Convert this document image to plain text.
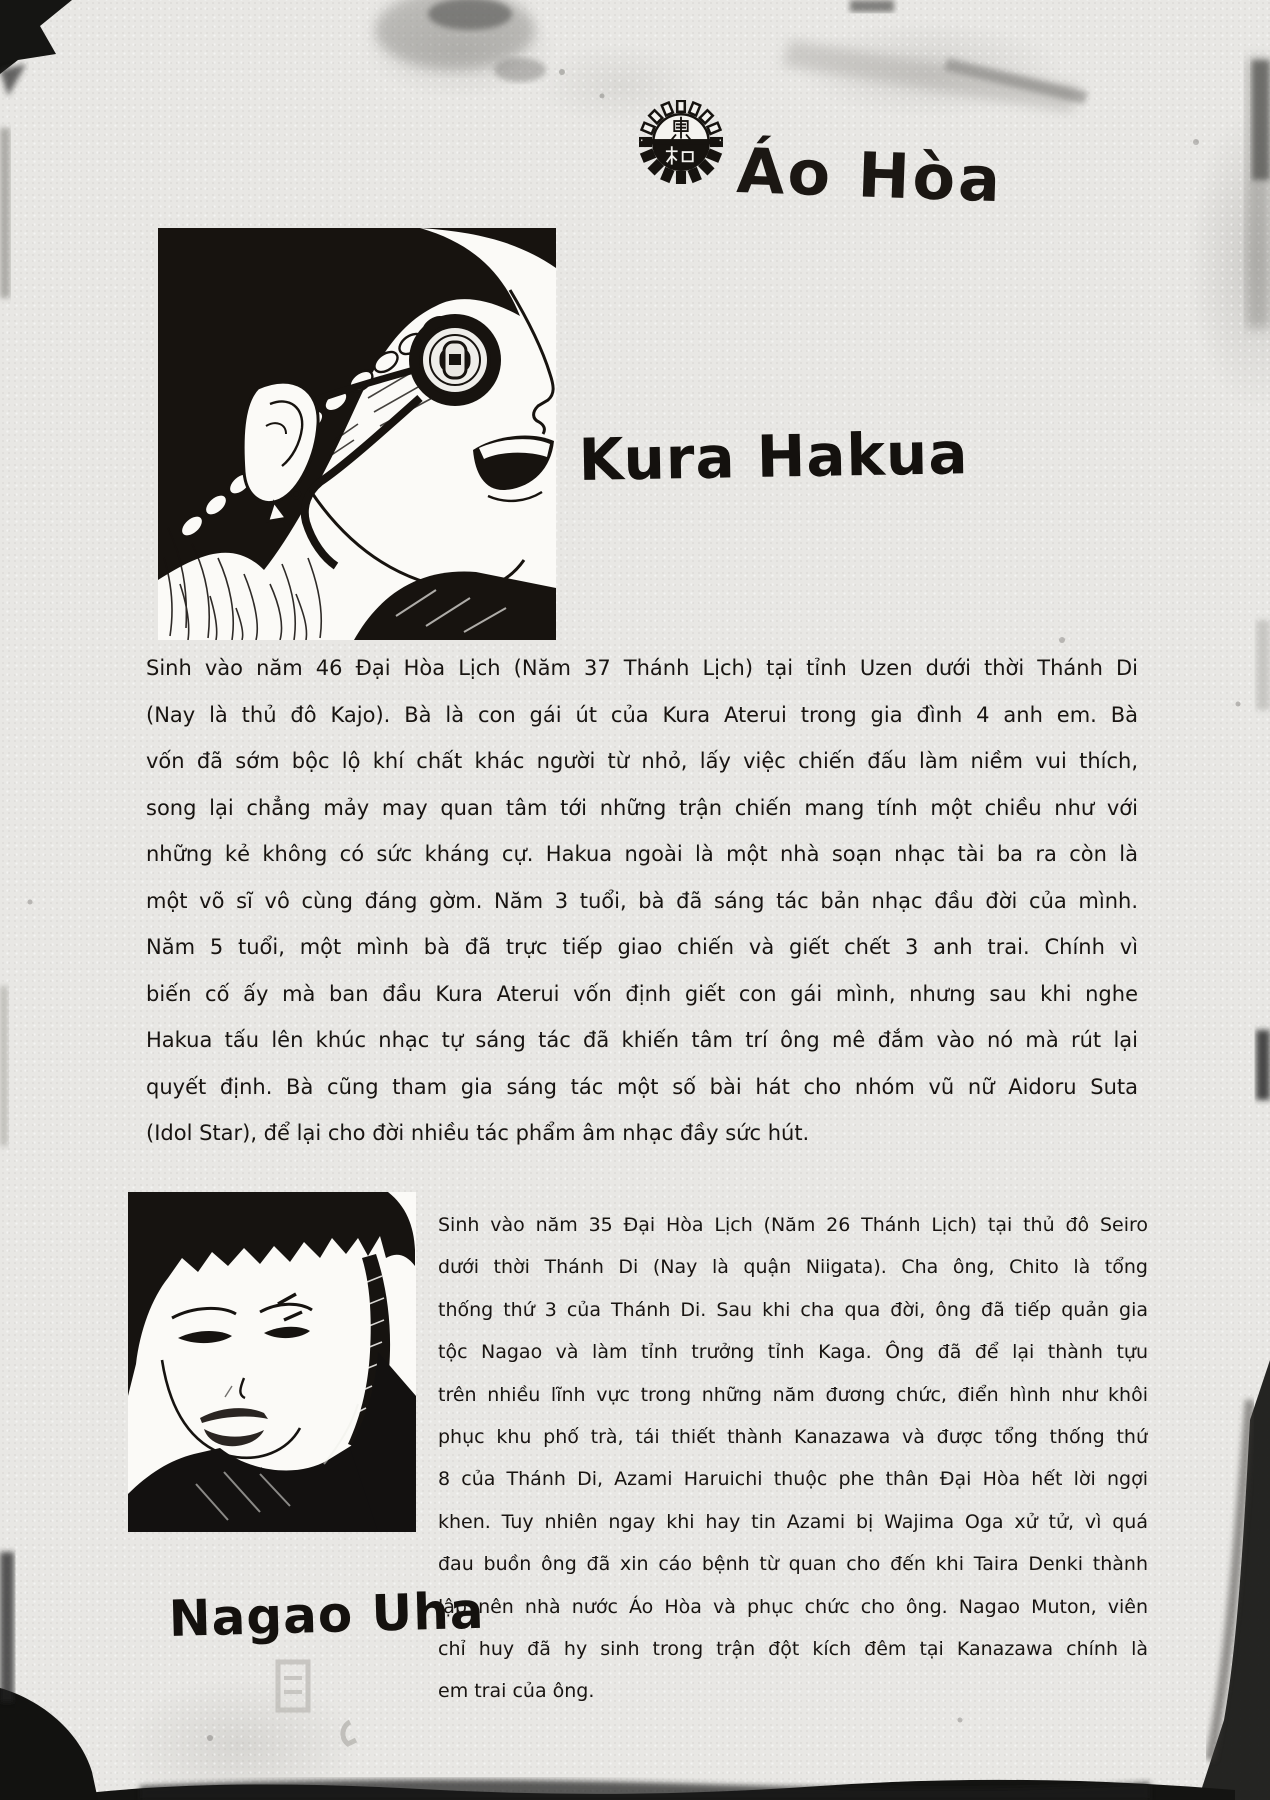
Áo Hòa
Kura Hakua
Sinh vào năm 46 Đại Hòa Lịch (Năm 37 Thánh Lịch) tại tỉnh Uzen dưới thời Thánh Di
(Nay là thủ đô Kajo). Bà là con gái út của Kura Aterui trong gia đình 4 anh em. Bà
vốn đã sớm bộc lộ khí chất khác người từ nhỏ, lấy việc chiến đấu làm niềm vui thích,
song lại chẳng mảy may quan tâm tới những trận chiến mang tính một chiều như với
những kẻ không có sức kháng cự. Hakua ngoài là một nhà soạn nhạc tài ba ra còn là
một võ sĩ vô cùng đáng gờm. Năm 3 tuổi, bà đã sáng tác bản nhạc đầu đời của mình.
Năm 5 tuổi, một mình bà đã trực tiếp giao chiến và giết chết 3 anh trai. Chính vì
biến cố ấy mà ban đầu Kura Aterui vốn định giết con gái mình, nhưng sau khi nghe
Hakua tấu lên khúc nhạc tự sáng tác đã khiến tâm trí ông mê đắm vào nó mà rút lại
quyết định. Bà cũng tham gia sáng tác một số bài hát cho nhóm vũ nữ Aidoru Suta
(Idol Star), để lại cho đời nhiều tác phẩm âm nhạc đầy sức hút.
Nagao Uha
Sinh vào năm 35 Đại Hòa Lịch (Năm 26 Thánh Lịch) tại thủ đô Seiro
dưới thời Thánh Di (Nay là quận Niigata). Cha ông, Chito là tổng
thống thứ 3 của Thánh Di. Sau khi cha qua đời, ông đã tiếp quản gia
tộc Nagao và làm tỉnh trưởng tỉnh Kaga. Ông đã để lại thành tựu
trên nhiều lĩnh vực trong những năm đương chức, điển hình như khôi
phục khu phố trà, tái thiết thành Kanazawa và được tổng thống thứ
8 của Thánh Di, Azami Haruichi thuộc phe thân Đại Hòa hết lời ngợi
khen. Tuy nhiên ngay khi hay tin Azami bị Wajima Oga xử tử, vì quá
đau buồn ông đã xin cáo bệnh từ quan cho đến khi Taira Denki thành
lập nên nhà nước Áo Hòa và phục chức cho ông. Nagao Muton, viên
chỉ huy đã hy sinh trong trận đột kích đêm tại Kanazawa chính là
em trai của ông.
